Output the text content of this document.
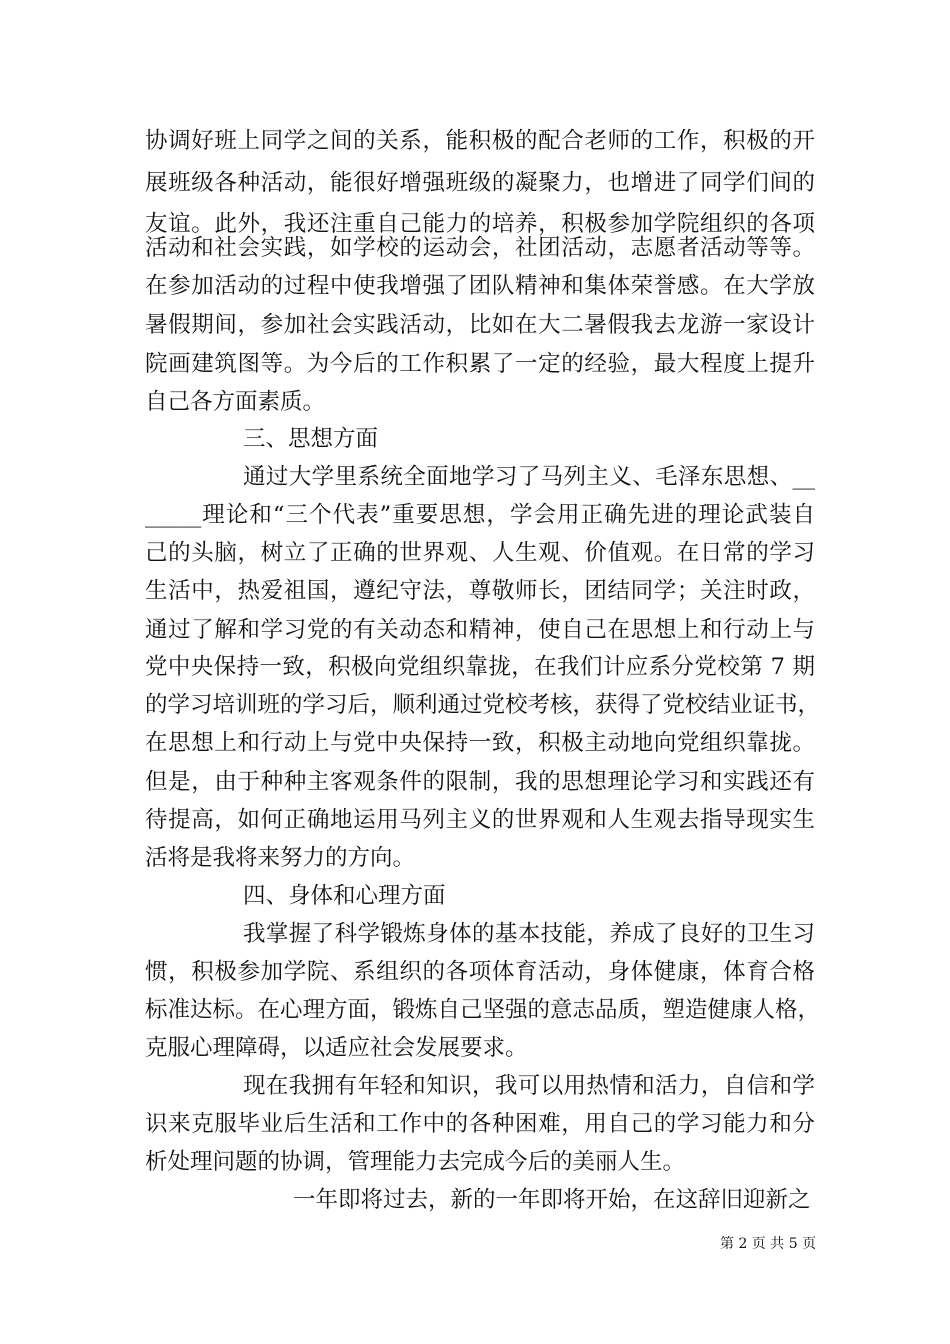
协调好班上同学之间的关系，能积极的配合老师的工作，积极的开
展班级各种活动，能很好增强班级的凝聚力，也增进了同学们间的
友谊。此外，我还注重自己能力的培养，积极参加学院组织的各项
活动和社会实践，如学校的运动会，社团活动，志愿者活动等等。
在参加活动的过程中使我增强了团队精神和集体荣誉感。在大学放
暑假期间，参加社会实践活动，比如在大二暑假我去龙游一家设计
院画建筑图等。为今后的工作积累了一定的经验，最大程度上提升
自己各方面素质。
三、思想方面
通过大学里系统全面地学习了马列主义、毛泽东思想、__
_____理论和“三个代表”重要思想，学会用正确先进的理论武装自
己的头脑，树立了正确的世界观、人生观、价值观。在日常的学习
生活中，热爱祖国，遵纪守法，尊敬师长，团结同学；关注时政，
通过了解和学习党的有关动态和精神，使自己在思想上和行动上与
党中央保持一致，积极向党组织靠拢，在我们计应系分党校第 7 期
的学习培训班的学习后，顺利通过党校考核，获得了党校结业证书，
在思想上和行动上与党中央保持一致，积极主动地向党组织靠拢。
但是，由于种种主客观条件的限制，我的思想理论学习和实践还有
待提高，如何正确地运用马列主义的世界观和人生观去指导现实生
活将是我将来努力的方向。
四、身体和心理方面
我掌握了科学锻炼身体的基本技能，养成了良好的卫生习
惯，积极参加学院、系组织的各项体育活动，身体健康，体育合格
标准达标。在心理方面，锻炼自己坚强的意志品质，塑造健康人格，
克服心理障碍，以适应社会发展要求。
现在我拥有年轻和知识，我可以用热情和活力，自信和学
识来克服毕业后生活和工作中的各种困难，用自己的学习能力和分
析处理问题的协调，管理能力去完成今后的美丽人生。
一年即将过去，新的一年即将开始，在这辞旧迎新之
第 2 页 共 5 页
